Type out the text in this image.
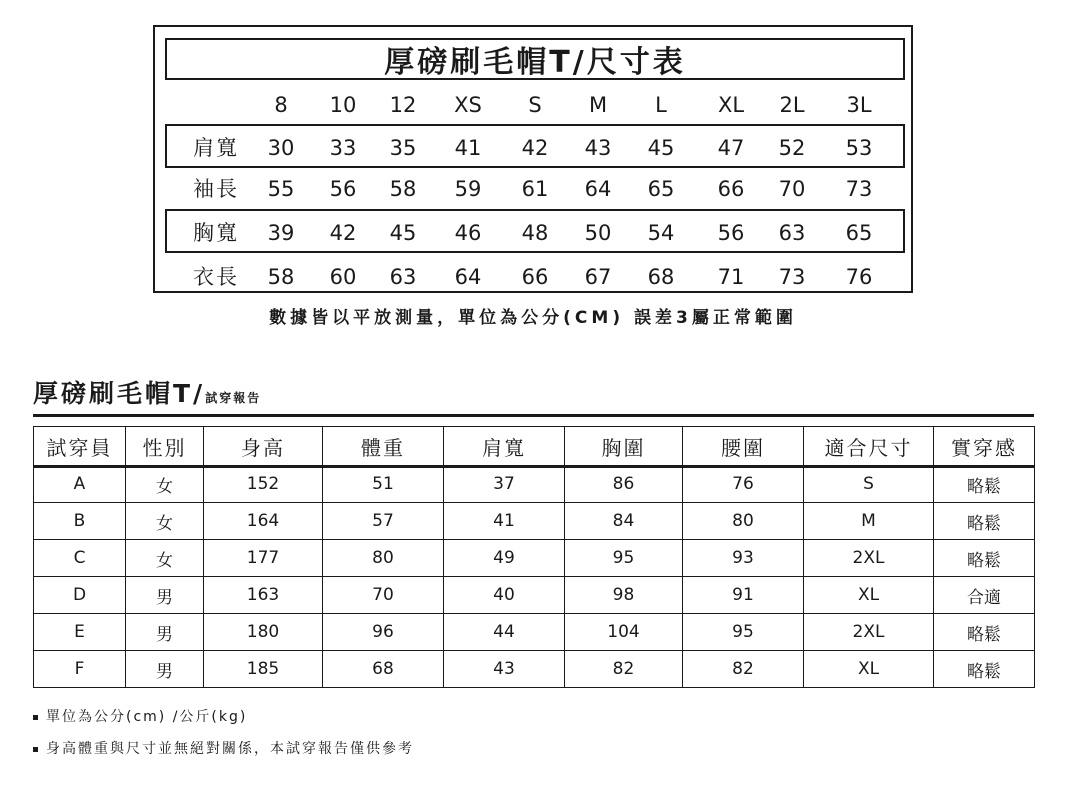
厚磅刷毛帽T/尺寸表
8 10 12 XS S M L XL 2L 3L
肩寬 30 33 35 41 42 43 45 47 52 53
袖長 55 56 58 59 61 64 65 66 70 73
胸寬 39 42 45 46 48 50 54 56 63 65
衣長 58 60 63 64 66 67 68 71 73 76
數據皆以平放測量，單位為公分(CM) 誤差3屬正常範圍
厚磅刷毛帽T/試穿報告
試穿員	性別	身高	體重	肩寬	胸圍	腰圍	適合尺寸	實穿感
A	女	152	51	37	86	76	S	略鬆
B	女	164	57	41	84	80	M	略鬆
C	女	177	80	49	95	93	2XL	略鬆
D	男	163	70	40	98	91	XL	合適
E	男	180	96	44	104	95	2XL	略鬆
F	男	185	68	43	82	82	XL	略鬆
單位為公分(cm) /公斤(kg)
身高體重與尺寸並無絕對關係，本試穿報告僅供參考
